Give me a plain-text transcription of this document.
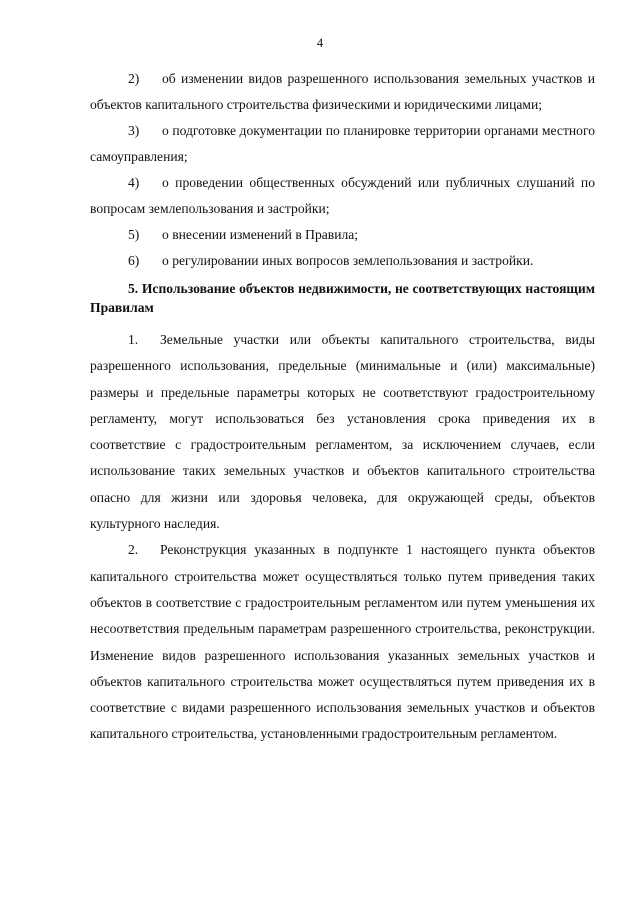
4
2) об изменении видов разрешенного использования земельных участков и объектов капитального строительства физическими и юридическими лицами;
3) о подготовке документации по планировке территории органами местного самоуправления;
4) о проведении общественных обсуждений или публичных слушаний по вопросам землепользования и застройки;
5) о внесении изменений в Правила;
6) о регулировании иных вопросов землепользования и застройки.
5. Использование объектов недвижимости, не соответствующих настоящим Правилам
1. Земельные участки или объекты капитального строительства, виды разрешенного использования, предельные (минимальные и (или) максимальные) размеры и предельные параметры которых не соответствуют градостроительному регламенту, могут использоваться без установления срока приведения их в соответствие с градостроительным регламентом, за исключением случаев, если использование таких земельных участков и объектов капитального строительства опасно для жизни или здоровья человека, для окружающей среды, объектов культурного наследия.
2. Реконструкция указанных в подпункте 1 настоящего пункта объектов капитального строительства может осуществляться только путем приведения таких объектов в соответствие с градостроительным регламентом или путем уменьшения их несоответствия предельным параметрам разрешенного строительства, реконструкции. Изменение видов разрешенного использования указанных земельных участков и объектов капитального строительства может осуществляться путем приведения их в соответствие с видами разрешенного использования земельных участков и объектов капитального строительства, установленными градостроительным регламентом.
